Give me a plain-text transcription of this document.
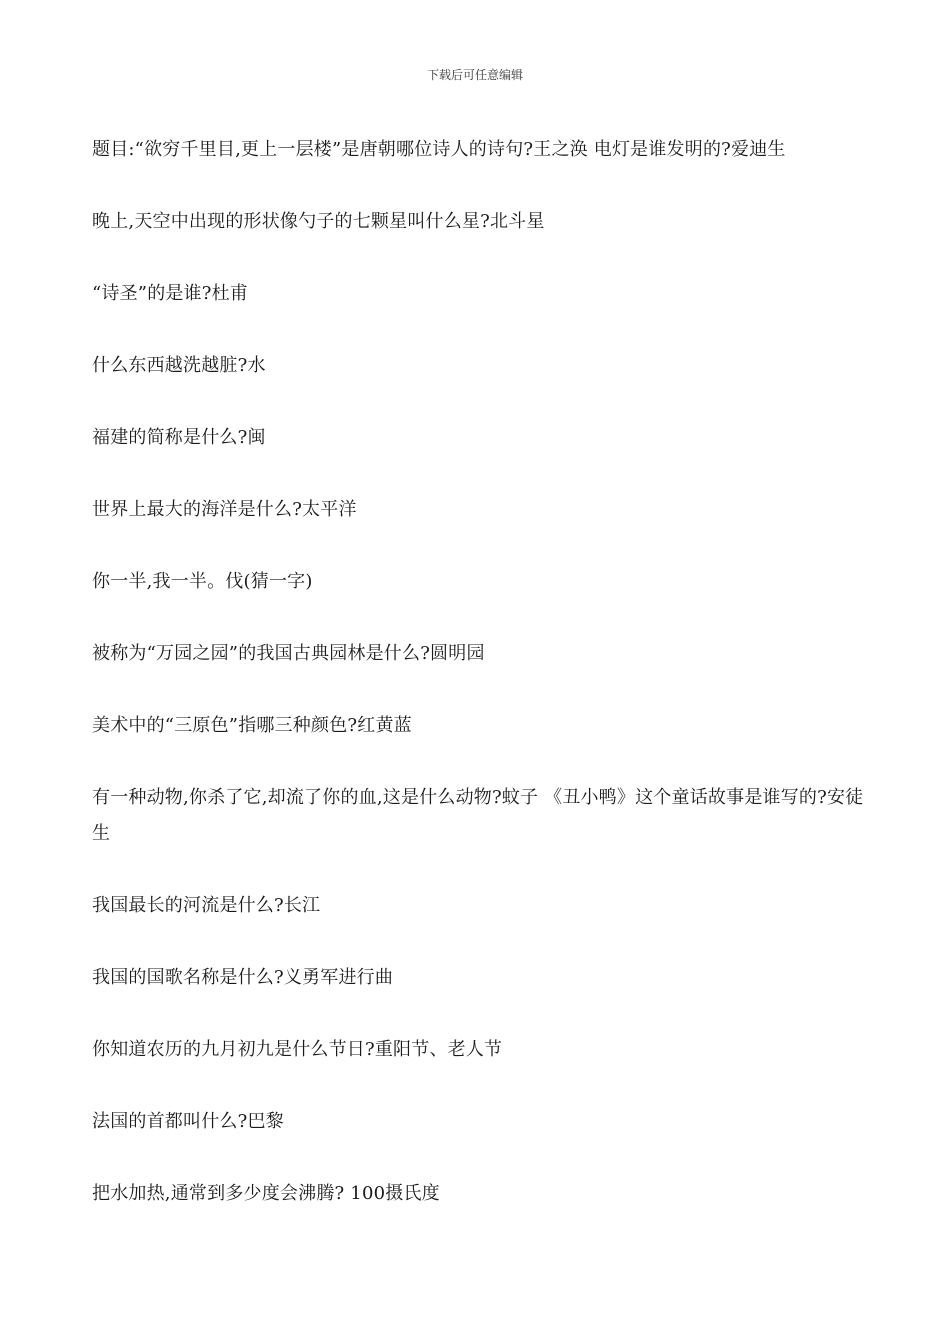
下载后可任意编辑

题目:“欲穷千里目,更上一层楼”是唐朝哪位诗人的诗句?王之涣 电灯是谁发明的?爱迪生

晚上,天空中出现的形状像勺子的七颗星叫什么星?北斗星

“诗圣”的是谁?杜甫

什么东西越洗越脏?水

福建的简称是什么?闽

世界上最大的海洋是什么?太平洋

你一半,我一半。伐(猜一字)

被称为“万园之园”的我国古典园林是什么?圆明园

美术中的“三原色”指哪三种颜色?红黄蓝

有一种动物,你杀了它,却流了你的血,这是什么动物?蚊子 《丑小鸭》这个童话故事是谁写的?安徒生

我国最长的河流是什么?长江

我国的国歌名称是什么?义勇军进行曲

你知道农历的九月初九是什么节日?重阳节、老人节

法国的首都叫什么?巴黎

把水加热,通常到多少度会沸腾? 100摄氏度
